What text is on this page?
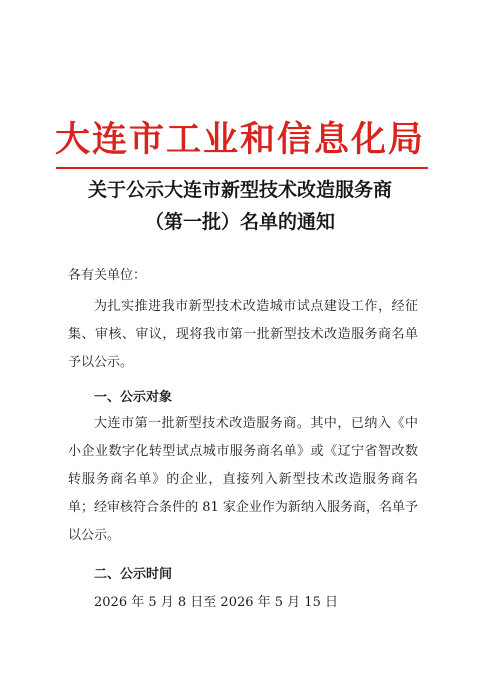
大连市工业和信息化局
关于公示大连市新型技术改造服务商
（第一批）名单的通知
各有关单位：
为扎实推进我市新型技术改造城市试点建设工作，经征集、审核、审议，现将我市第一批新型技术改造服务商名单予以公示。
一、公示对象
大连市第一批新型技术改造服务商。其中，已纳入《中小企业数字化转型试点城市服务商名单》或《辽宁省智改数转服务商名单》的企业，直接列入新型技术改造服务商名单；经审核符合条件的 81 家企业作为新纳入服务商，名单予以公示。
二、公示时间
2026 年 5 月 8 日至 2026 年 5 月 15 日
